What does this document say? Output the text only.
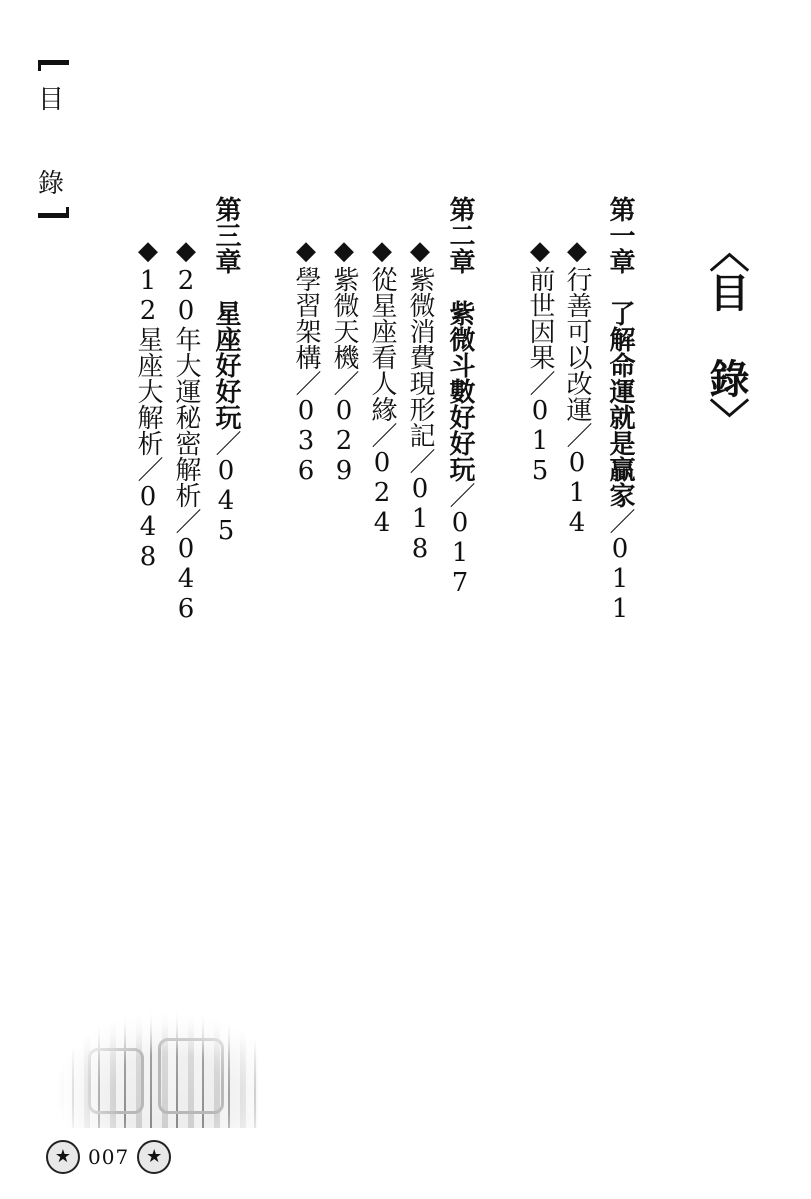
目
錄
〈目 錄〉
第一章　了解命運就是贏家／011
◆行善可以改運／014
◆前世因果／015
第二章　紫微斗數好好玩／017
◆紫微消費現形記／018
◆從星座看人緣／024
◆紫微天機／029
◆學習架構／036
第三章　星座好好玩／045
◆20年大運秘密解析／046
◆12星座大解析／048
★ 007 ★
